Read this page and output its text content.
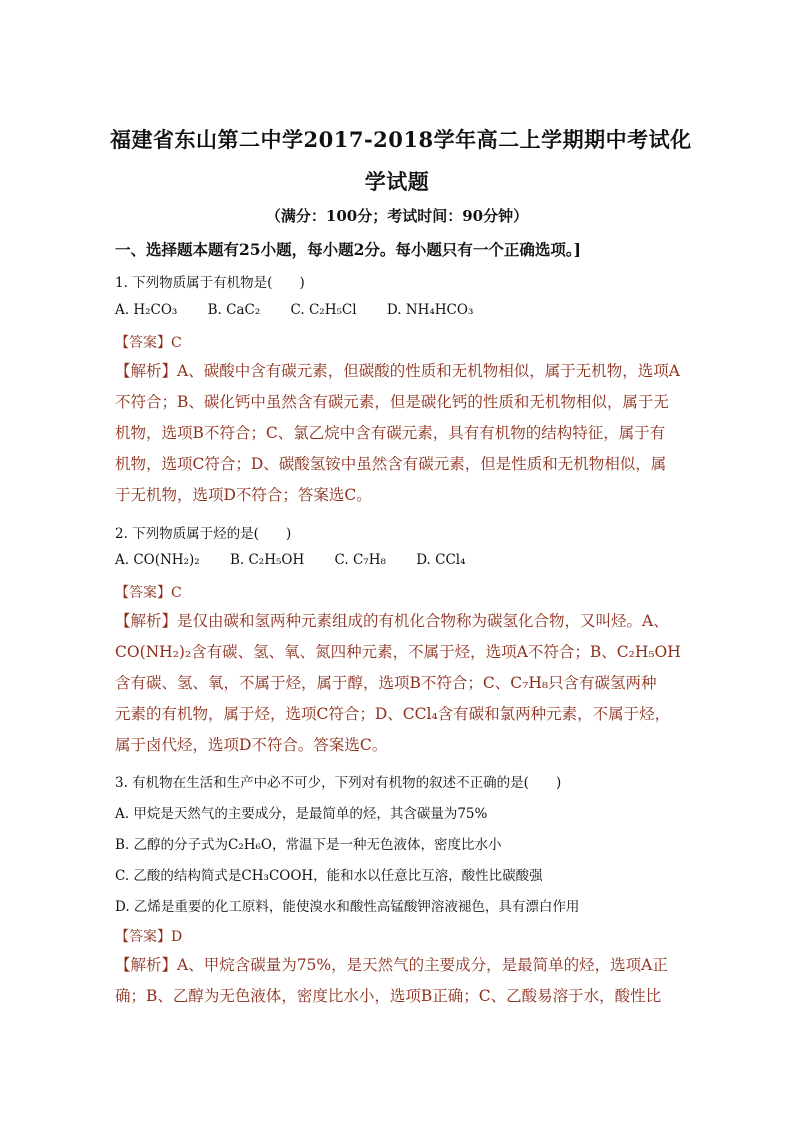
福建省东山第二中学2017-2018学年高二上学期期中考试化
学试题
（满分：100分；考试时间：90分钟）
一、选择题本题有25小题，每小题2分。每小题只有一个正确选项。]
1. 下列物质属于有机物是(　　)
A. H₂CO₃ B. CaC₂ C. C₂H₅Cl D. NH₄HCO₃
【答案】C
【解析】A、碳酸中含有碳元素，但碳酸的性质和无机物相似，属于无机物，选项A
不符合；B、碳化钙中虽然含有碳元素，但是碳化钙的性质和无机物相似，属于无
机物，选项B不符合；C、氯乙烷中含有碳元素，具有有机物的结构特征，属于有
机物，选项C符合；D、碳酸氢铵中虽然含有碳元素，但是性质和无机物相似，属
于无机物，选项D不符合；答案选C。
2. 下列物质属于烃的是(　　)
A. CO(NH₂)₂ B. C₂H₅OH C. C₇H₈ D. CCl₄
【答案】C
【解析】是仅由碳和氢两种元素组成的有机化合物称为碳氢化合物，又叫烃。A、
CO(NH₂)₂含有碳、氢、氧、氮四种元素，不属于烃，选项A不符合；B、C₂H₅OH
含有碳、氢、氧，不属于烃，属于醇，选项B不符合；C、C₇H₈只含有碳氢两种
元素的有机物，属于烃，选项C符合；D、CCl₄含有碳和氯两种元素，不属于烃，
属于卤代烃，选项D不符合。答案选C。
3. 有机物在生活和生产中必不可少，下列对有机物的叙述不正确的是(　　)
A. 甲烷是天然气的主要成分，是最简单的烃，其含碳量为75%
B. 乙醇的分子式为C₂H₆O，常温下是一种无色液体，密度比水小
C. 乙酸的结构简式是CH₃COOH，能和水以任意比互溶，酸性比碳酸强
D. 乙烯是重要的化工原料，能使溴水和酸性高锰酸钾溶液褪色，具有漂白作用
【答案】D
【解析】A、甲烷含碳量为75%，是天然气的主要成分，是最简单的烃，选项A正
确；B、乙醇为无色液体，密度比水小，选项B正确；C、乙酸易溶于水，酸性比
